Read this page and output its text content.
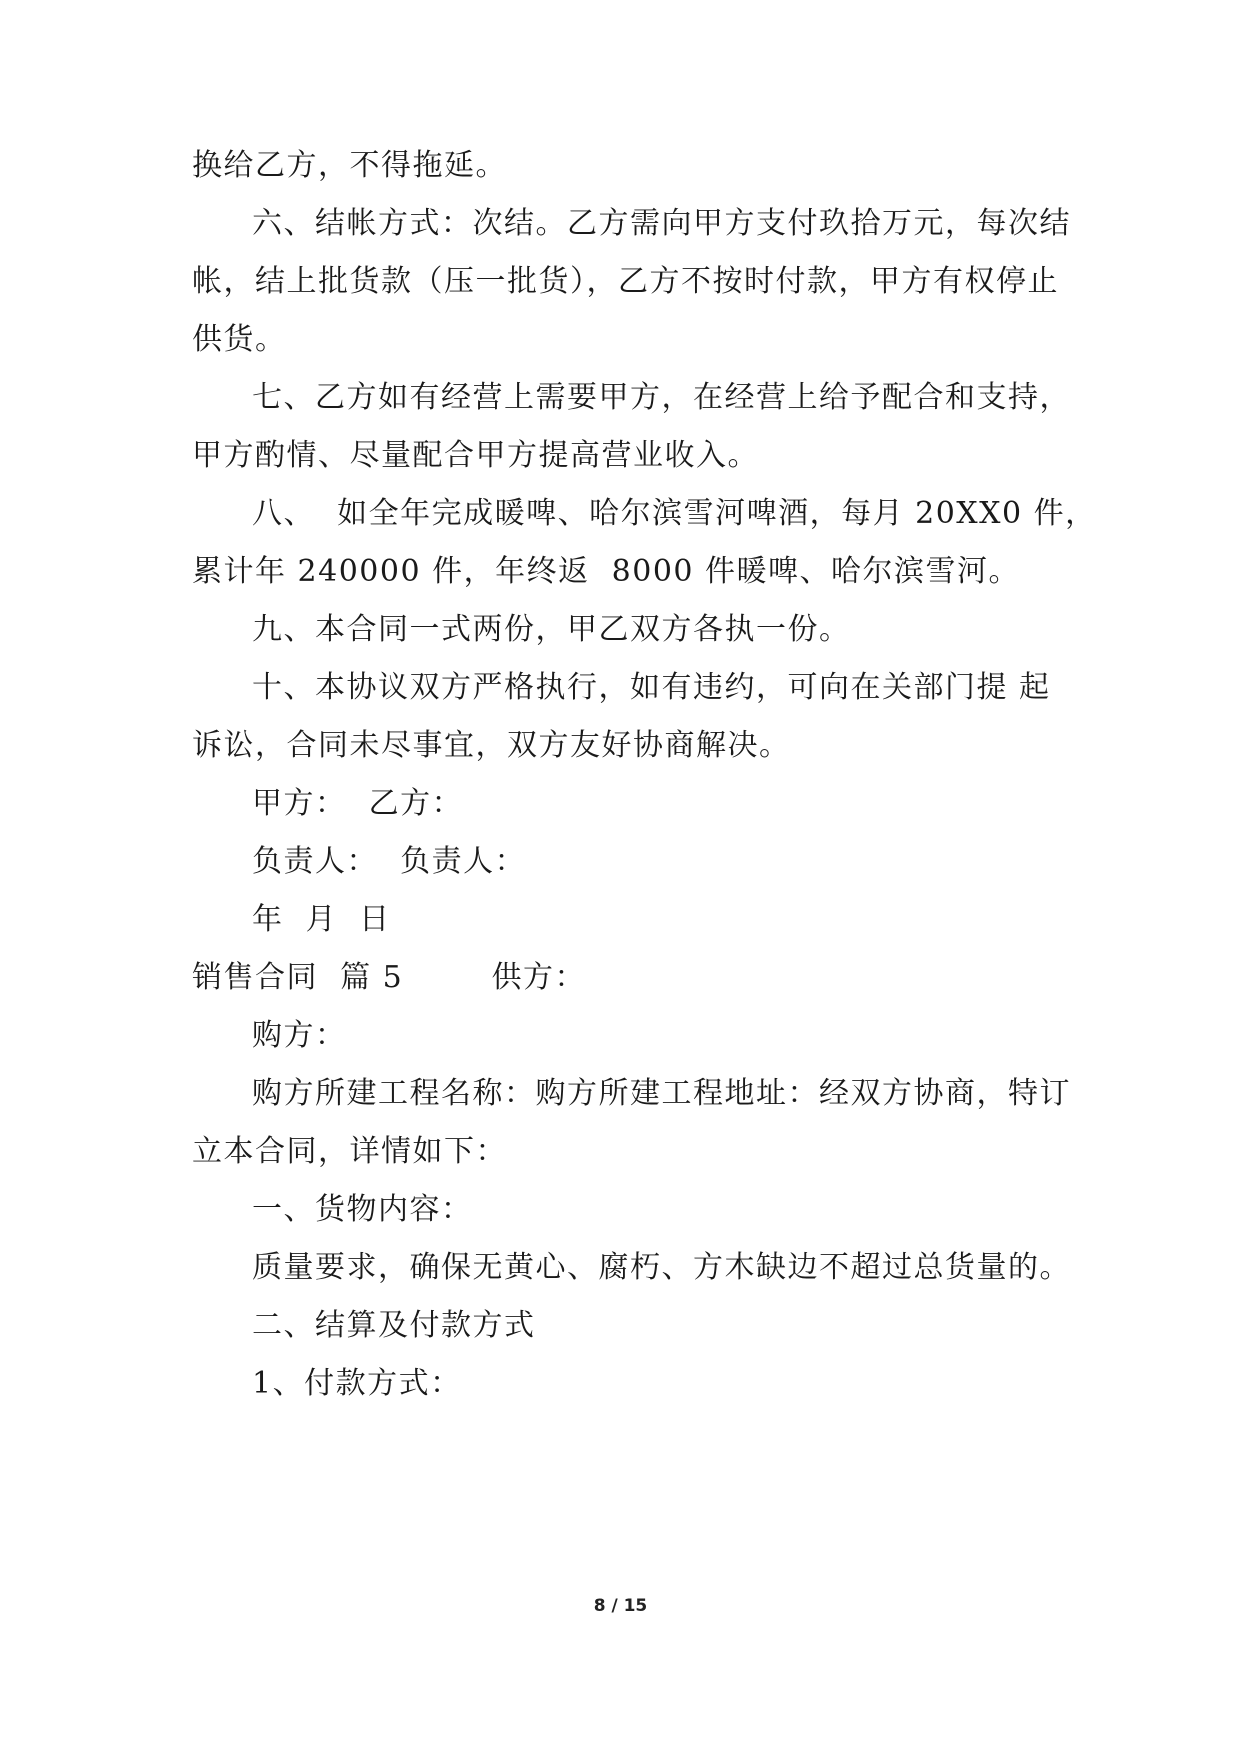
换给乙方，不得拖延。
六、结帐方式：次结。乙方需向甲方支付玖拾万元，每次结
帐，结上批货款（压一批货），乙方不按时付款，甲方有权停止
供货。
七、乙方如有经营上需要甲方，在经营上给予配合和支持，
甲方酌情、尽量配合甲方提高营业收入。
八、  如全年完成暖啤、哈尔滨雪河啤酒，每月 20XX0 件，
累计年 240000 件，年终返  8000 件暖啤、哈尔滨雪河。
九、本合同一式两份，甲乙双方各执一份。
十、本协议双方严格执行，如有违约，可向在关部门提 起
诉讼，合同未尽事宜，双方友好协商解决。
甲方：  乙方：
负责人：  负责人：
年  月  日
销售合同  篇 5        供方：
购方：
购方所建工程名称：购方所建工程地址：经双方协商，特订
立本合同，详情如下：
一、货物内容：
质量要求，确保无黄心、腐朽、方木缺边不超过总货量的。
二、结算及付款方式
1、付款方式：
8 / 15
